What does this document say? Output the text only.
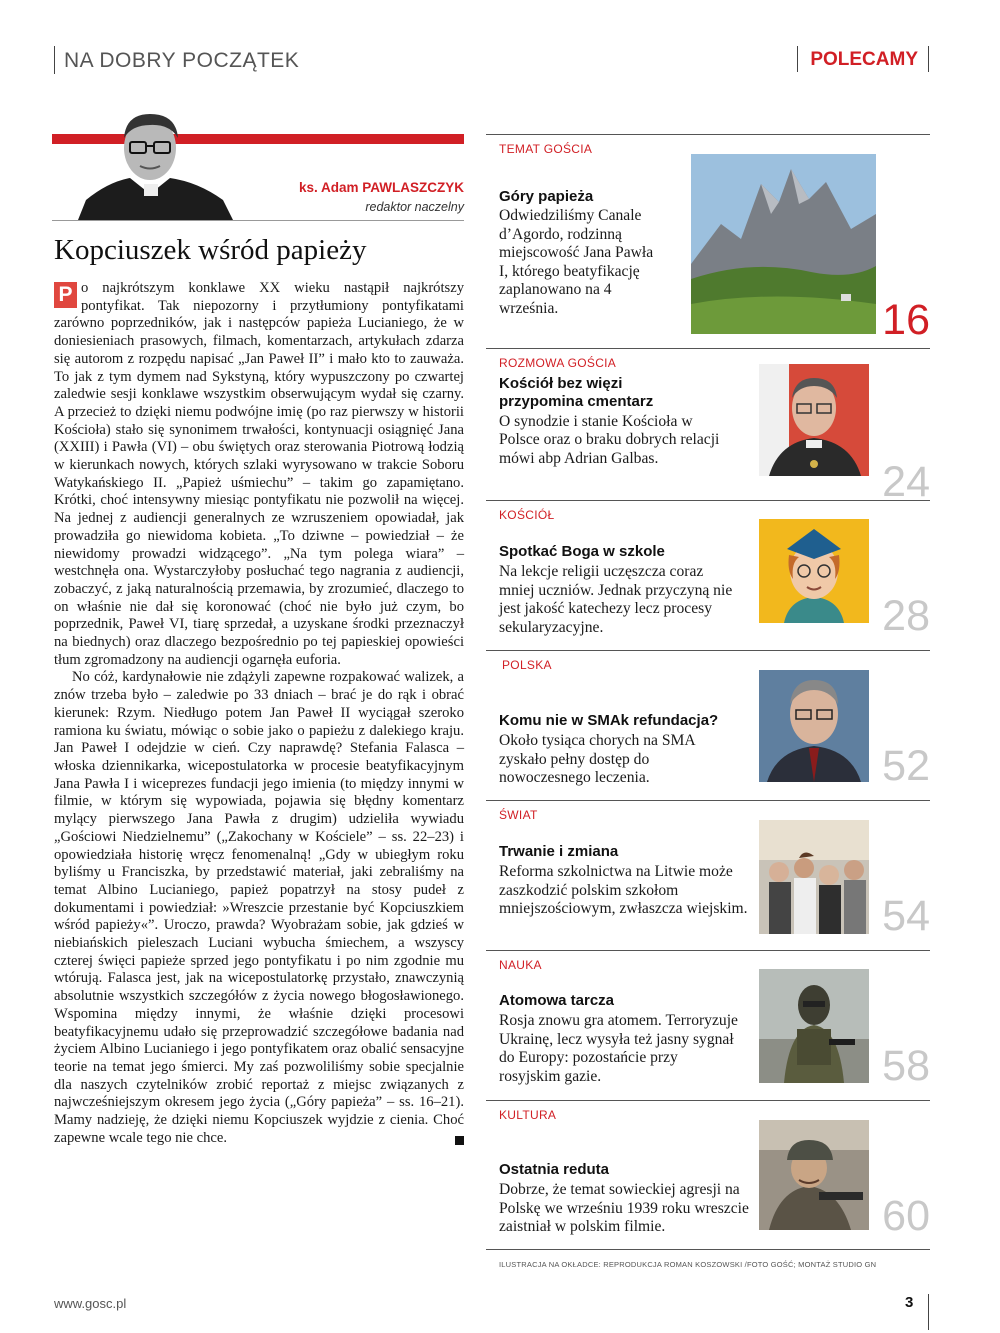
NA DOBRY POCZĄTEK	POLECAMY
ks. Adam PAWLASZCZYK
redaktor naczelny
Kopciuszek wśród papieży

P o najkrótszym konklawe XX wieku nastąpił najkrótszy pontyfikat. Tak niepozorny i przytłumiony pontyfikatami zarówno poprzedników, jak i następców papieża Lucianiego, że w doniesieniach prasowych, filmach, komentarzach, artykułach zdarza się autorom z rozpędu napisać „Jan Paweł II” i mało kto to zauważa. To jak z tym dymem nad Sykstyną, który wypuszczony po czwartej zaledwie sesji konklawe wszystkim obserwującym wydał się czarny. A przecież to dzięki niemu podwójne imię (po raz pierwszy w historii Kościoła) stało się synonimem trwałości, kontynuacji osiągnięć Jana (XXIII) i Pawła (VI) – obu świętych oraz sterowania Piotrową łodzią w kierunkach nowych, których szlaki wyrysowano w trakcie Soboru Watykańskiego II. „Papież uśmiechu” – takim go zapamiętano. Krótki, choć intensywny miesiąc pontyfikatu nie pozwolił na więcej. Na jednej z audiencji generalnych ze wzruszeniem opowiadał, jak prowadziła go niewidoma kobieta. „To dziwne – powiedział – że niewidomy prowadzi widzącego”. „Na tym polega wiara” – westchnęła ona. Wystarczyłoby posłuchać tego nagrania z audiencji, zobaczyć, z jaką naturalnością przemawia, by zrozumieć, dlaczego to on właśnie nie dał się koronować (choć nie było już czym, bo poprzednik, Paweł VI, tiarę sprzedał, a uzyskane środki przeznaczył na biednych) oraz dlaczego bezpośrednio po tej papieskiej opowieści tłum zgromadzony na audiencji ogarnęła euforia.

No cóż, kardynałowie nie zdążyli zapewne rozpakować walizek, a znów trzeba było – zaledwie po 33 dniach – brać je do rąk i obrać kierunek: Rzym. Niedługo potem Jan Paweł II wyciągał szeroko ramiona ku światu, mówiąc o sobie jako o papieżu z dalekiego kraju. Jan Paweł I odejdzie w cień. Czy naprawdę? Stefania Falasca – włoska dziennikarka, wicepostulatorka w procesie beatyfikacyjnym Jana Pawła I i wiceprezes fundacji jego imienia (to między innymi w filmie, w którym się wypowiada, pojawia się błędny komentarz mylący pierwszego Jana Pawła z drugim) udzieliła wywiadu „Gościowi Niedzielnemu” („Zakochany w Kościele” – ss. 22–23) i opowiedziała historię wręcz fenomenalną! „Gdy w ubiegłym roku byliśmy u Franciszka, by przedstawić materiał, jaki zebraliśmy na temat Albino Lucianiego, papież popatrzył na stosy pudeł z dokumentami i powiedział: »Wreszcie przestanie być Kopciuszkiem wśród papieży«”. Uroczo, prawda? Wyobrażam sobie, jak gdzieś w niebiańskich pieleszach Luciani wybucha śmiechem, a wszyscy czterej święci papieże sprzed jego pontyfikatu i po nim zgodnie mu wtórują. Falasca jest, jak na wicepostulatorkę przystało, znawczynią absolutnie wszystkich szczegółów z życia nowego błogosławionego. Wspomina między innymi, że właśnie dzięki procesowi beatyfikacyjnemu udało się przeprowadzić szczegółowe badania nad życiem Albino Lucianiego i jego pontyfikatem oraz obalić sensacyjne teorie na temat jego śmierci. My zaś pozwoliliśmy sobie specjalnie dla naszych czytelników zrobić reportaż z miejsc związanych z najwcześniejszym okresem jego życia („Góry papieża” – ss. 16–21). Mamy nadzieję, że dzięki niemu Kopciuszek wyjdzie z cienia. Choć zapewne wcale tego nie chce.

TEMAT GOŚCIA
Góry papieża
Odwiedziliśmy Canale d’Agordo, rodzinną miejscowość Jana Pawła I, którego beatyfikację zaplanowano na 4 września.	16
ROZMOWA GOŚCIA
Kościół bez więzi przypomina cmentarz
O synodzie i stanie Kościoła w Polsce oraz o braku dobrych relacji mówi abp Adrian Galbas.	24
KOŚCIÓŁ
Spotkać Boga w szkole
Na lekcje religii uczęszcza coraz mniej uczniów. Jednak przyczyną nie jest jakość katechezy lecz procesy sekularyzacyjne.	28
POLSKA
Komu nie w SMAk refundacja?
Około tysiąca chorych na SMA zyskało pełny dostęp do nowoczesnego leczenia.	52
ŚWIAT
Trwanie i zmiana
Reforma szkolnictwa na Litwie może zaszkodzić polskim szkołom mniejszościowym, zwłaszcza wiejskim.	54
NAUKA
Atomowa tarcza
Rosja znowu gra atomem. Terroryzuje Ukrainę, lecz wysyła też jasny sygnał do Europy: pozostańcie przy rosyjskim gazie.	58
KULTURA
Ostatnia reduta
Dobrze, że temat sowieckiej agresji na Polskę we wrześniu 1939 roku wreszcie zaistniał w polskim filmie.	60
ILUSTRACJA NA OKŁADCE: REPRODUKCJA ROMAN KOSZOWSKI /FOTO GOŚĆ; MONTAŻ STUDIO GN
www.gosc.pl	3
